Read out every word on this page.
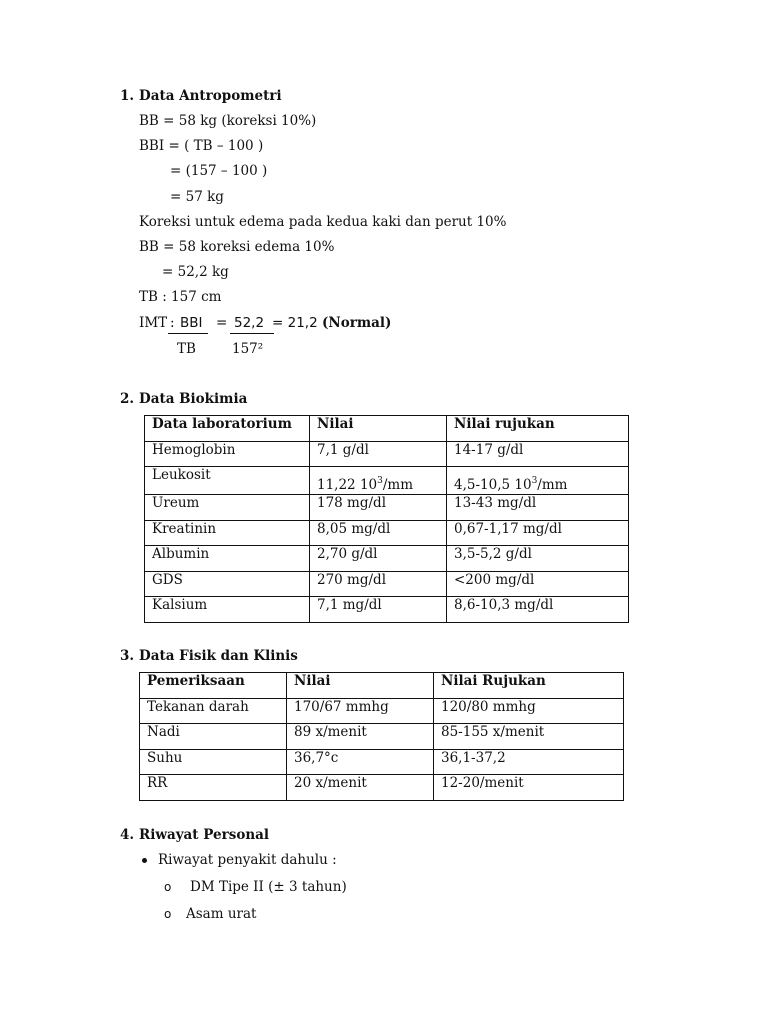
1. Data Antropometri
BB = 58 kg (koreksi 10%)
BBI = ( TB – 100 )
= (157 – 100 )
= 57 kg
Koreksi untuk edema pada kedua kaki dan perut 10%
BB = 58 koreksi edema 10%
= 52,2 kg
TB : 157 cm
IMT : BBI = 52,2 = 21,2 (Normal)
TB	157²
2. Data Biokimia
Data laboratorium	Nilai	Nilai rujukan
Hemoglobin	7,1 g/dl	14-17 g/dl
Leukosit	11,22 $10^3/mm$	4,5-10,5 $10^3/mm$
Ureum	178 mg/dl	13-43 mg/dl
Kreatinin	8,05 mg/dl	0,67-1,17 mg/dl
Albumin	2,70 g/dl	3,5-5,2 g/dl
GDS	270 mg/dl	<200 mg/dl
Kalsium	7,1 mg/dl	8,6-10,3 mg/dl
3. Data Fisik dan Klinis
Pemeriksaan	Nilai	Nilai Rujukan
Tekanan darah	170/67 mmhg	120/80 mmhg
Nadi	89 x/menit	85-155 x/menit
Suhu	36,7°c	36,1-37,2
RR	20 x/menit	12-20/menit
4. Riwayat Personal
Riwayat penyakit dahulu :
o DM Tipe II (± 3 tahun)
o Asam urat
